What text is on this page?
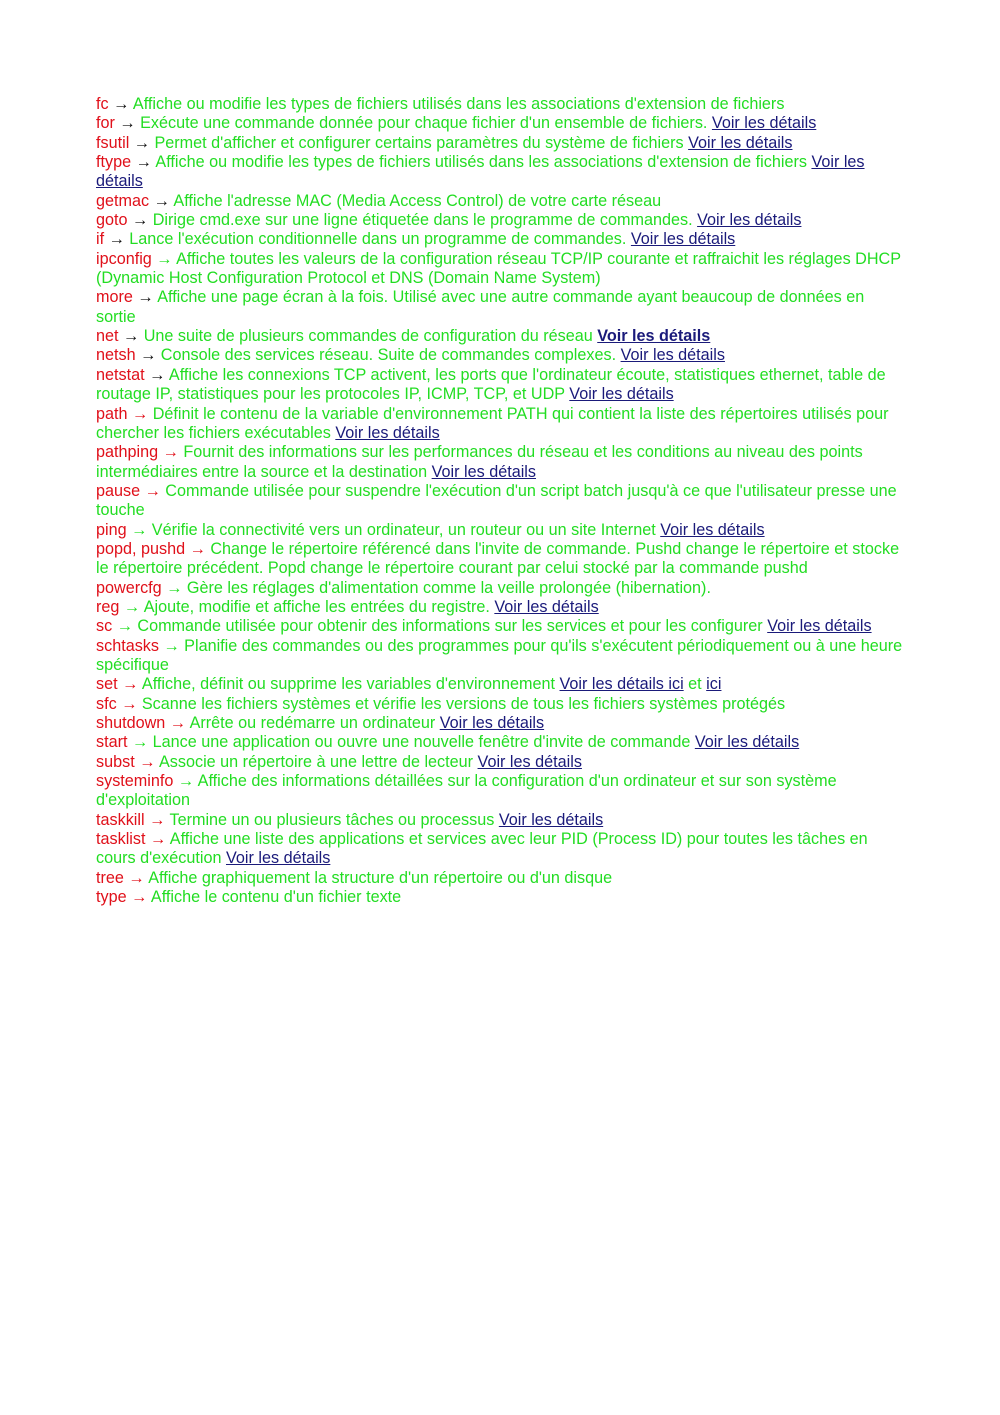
fc → Affiche ou modifie les types de fichiers utilisés dans les associations d'extension de fichiers
for → Exécute une commande donnée pour chaque fichier d'un ensemble de fichiers. Voir les détails
fsutil → Permet d'afficher et configurer certains paramètres du système de fichiers Voir les détails
ftype → Affiche ou modifie les types de fichiers utilisés dans les associations d'extension de fichiers Voir les détails
getmac → Affiche l'adresse MAC (Media Access Control) de votre carte réseau
goto → Dirige cmd.exe sur une ligne étiquetée dans le programme de commandes. Voir les détails
if → Lance l'exécution conditionnelle dans un programme de commandes. Voir les détails
ipconfig → Affiche toutes les valeurs de la configuration réseau TCP/IP courante et raffraichit les réglages DHCP (Dynamic Host Configuration Protocol et DNS (Domain Name System)
more → Affiche une page écran à la fois. Utilisé avec une autre commande ayant beaucoup de données en sortie
net → Une suite de plusieurs commandes de configuration du réseau Voir les détails
netsh → Console des services réseau. Suite de commandes complexes. Voir les détails
netstat → Affiche les connexions TCP activent, les ports que l'ordinateur écoute, statistiques ethernet, table de routage IP, statistiques pour les protocoles IP, ICMP, TCP, et UDP Voir les détails
path → Définit le contenu de la variable d'environnement PATH qui contient la liste des répertoires utilisés pour chercher les fichiers exécutables Voir les détails
pathping → Fournit des informations sur les performances du réseau et les conditions au niveau des points intermédiaires entre la source et la destination Voir les détails
pause → Commande utilisée pour suspendre l'exécution d'un script batch jusqu'à ce que l'utilisateur presse une touche
ping → Vérifie la connectivité vers un ordinateur, un routeur ou un site Internet Voir les détails
popd, pushd → Change le répertoire référencé dans l'invite de commande. Pushd change le répertoire et stocke le répertoire précédent. Popd change le répertoire courant par celui stocké par la commande pushd
powercfg → Gère les réglages d'alimentation comme la veille prolongée (hibernation).
reg → Ajoute, modifie et affiche les entrées du registre. Voir les détails
sc → Commande utilisée pour obtenir des informations sur les services et pour les configurer Voir les détails
schtasks → Planifie des commandes ou des programmes pour qu'ils s'exécutent périodiquement ou à une heure spécifique
set → Affiche, définit ou supprime les variables d'environnement Voir les détails ici et ici
sfc → Scanne les fichiers systèmes et vérifie les versions de tous les fichiers systèmes protégés
shutdown → Arrête ou redémarre un ordinateur Voir les détails
start → Lance une application ou ouvre une nouvelle fenêtre d'invite de commande Voir les détails
subst → Associe un répertoire à une lettre de lecteur Voir les détails
systeminfo → Affiche des informations détaillées sur la configuration d'un ordinateur et sur son système d'exploitation
taskkill → Termine un ou plusieurs tâches ou processus Voir les détails
tasklist → Affiche une liste des applications et services avec leur PID (Process ID) pour toutes les tâches en cours d'exécution Voir les détails
tree → Affiche graphiquement la structure d'un répertoire ou d'un disque
type → Affiche le contenu d'un fichier texte
